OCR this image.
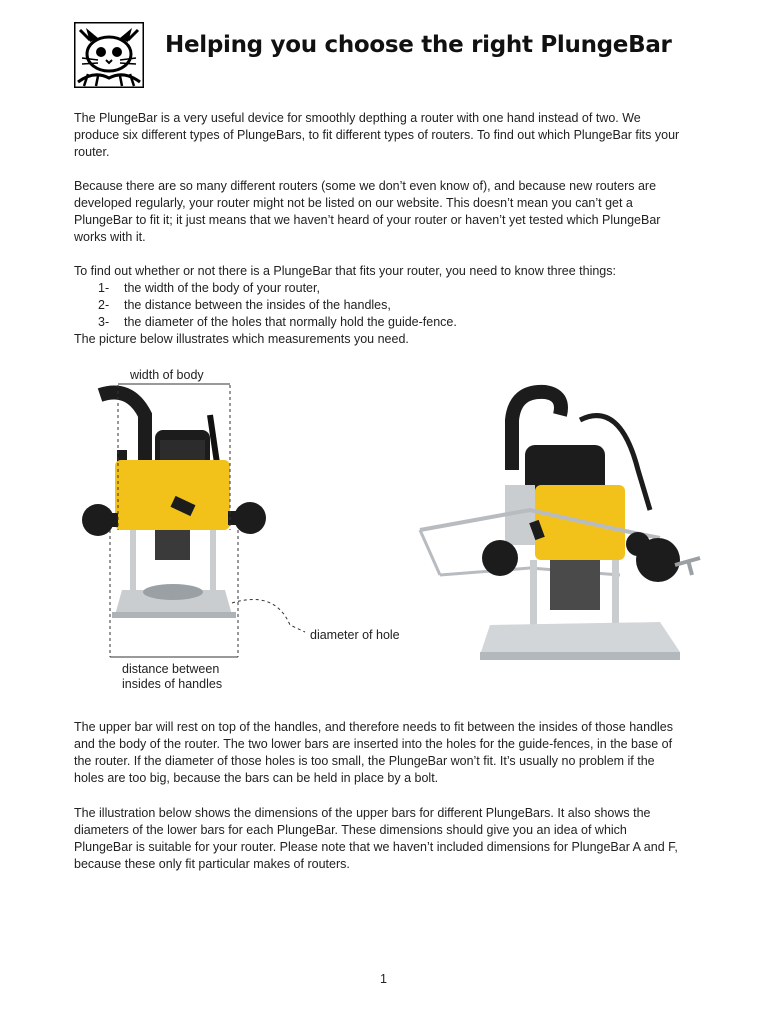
Helping you choose the right PlungeBar

The PlungeBar is a very useful device for smoothly depthing a router with one hand instead of two. We produce six different types of PlungeBars, to fit different types of routers. To find out which PlungeBar fits your router.

Because there are so many different routers (some we don’t even know of), and because new routers are developed regularly, your router might not be listed on our website. This doesn’t mean you can’t get a PlungeBar to fit it; it just means that we haven’t heard of your router or haven’t yet tested which PlungeBar works with it.

To find out whether or not there is a PlungeBar that fits your router, you need to know three things:

1- the width of the body of your router,
2- the distance between the insides of the handles,
3- the diameter of the holes that normally hold the guide-fence.

The picture below illustrates which measurements you need.

width of body
distance between
insides of handles
diameter of hole

The upper bar will rest on top of the handles, and therefore needs to fit between the insides of those handles and the body of the router. The two lower bars are inserted into the holes for the guide-fences, in the base of the router. If the diameter of those holes is too small, the PlungeBar won’t fit. It’s usually no problem if the holes are too big, because the bars can be held in place by a bolt.

The illustration below shows the dimensions of the upper bars for different PlungeBars. It also shows the diameters of the lower bars for each PlungeBar. These dimensions should give you an idea of which PlungeBar is suitable for your router. Please note that we haven’t included dimensions for PlungeBar A and F, because these only fit particular makes of routers.

1
